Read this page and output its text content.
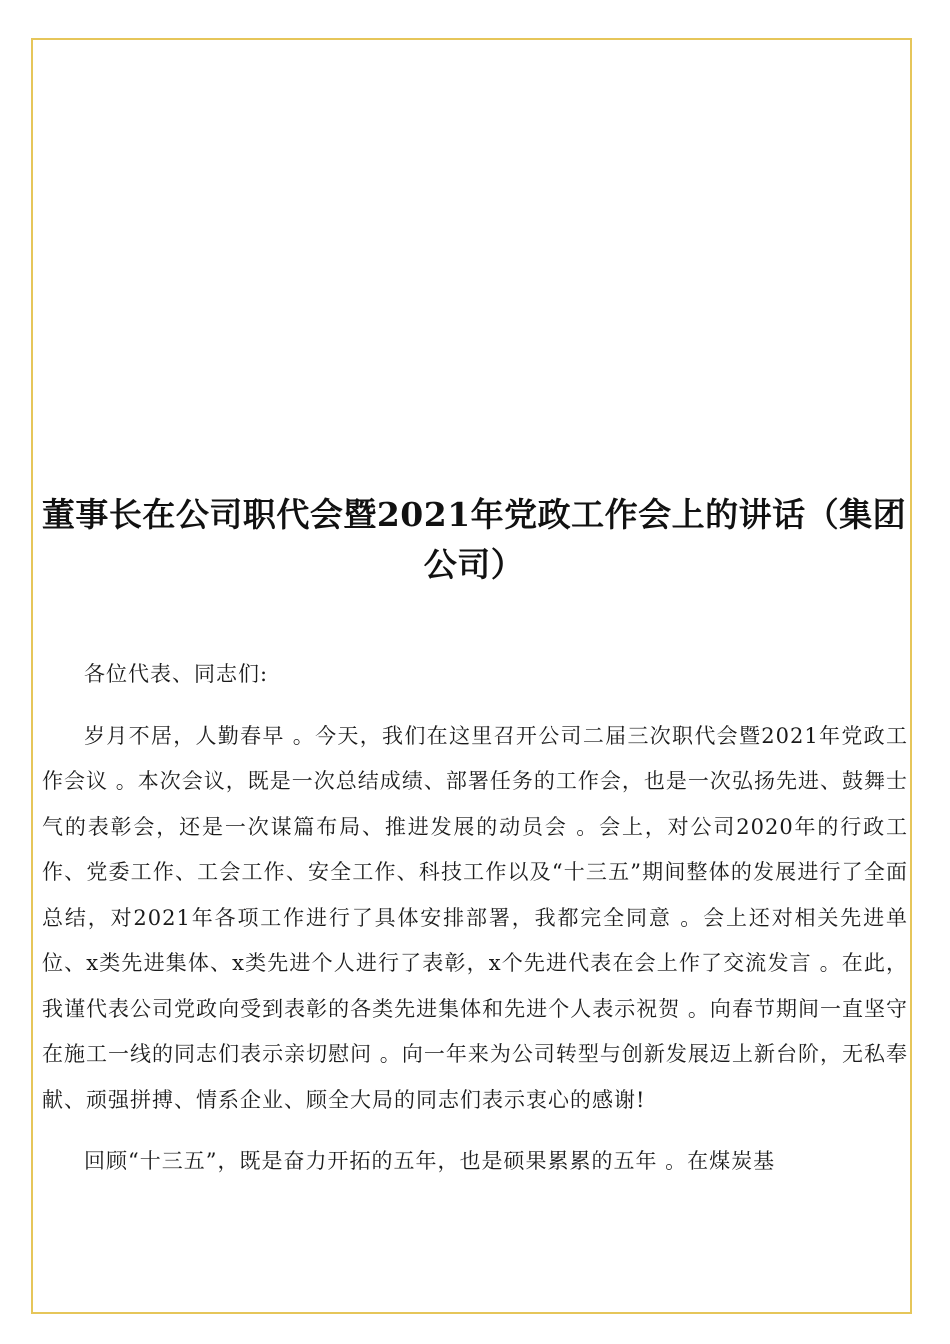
董事长在公司职代会暨2021年党政工作会上的讲话（集团公司）

各位代表、同志们:

岁月不居，人勤春早 。今天，我们在这里召开公司二届三次职代会暨2021年党政工作会议 。本次会议，既是一次总结成绩、部署任务的工作会，也是一次弘扬先进、鼓舞士气的表彰会，还是一次谋篇布局、推进发展的动员会 。会上，对公司2020年的行政工作、党委工作、工会工作、安全工作、科技工作以及“十三五”期间整体的发展进行了全面总结，对2021年各项工作进行了具体安排部署，我都完全同意 。会上还对相关先进单位、x类先进集体、x类先进个人进行了表彰，x个先进代表在会上作了交流发言 。在此，我谨代表公司党政向受到表彰的各类先进集体和先进个人表示祝贺 。向春节期间一直坚守在施工一线的同志们表示亲切慰问 。向一年来为公司转型与创新发展迈上新台阶，无私奉献、顽强拼搏、情系企业、顾全大局的同志们表示衷心的感谢!

回顾“十三五”，既是奋力开拓的五年，也是硕果累累的五年 。在煤炭基
